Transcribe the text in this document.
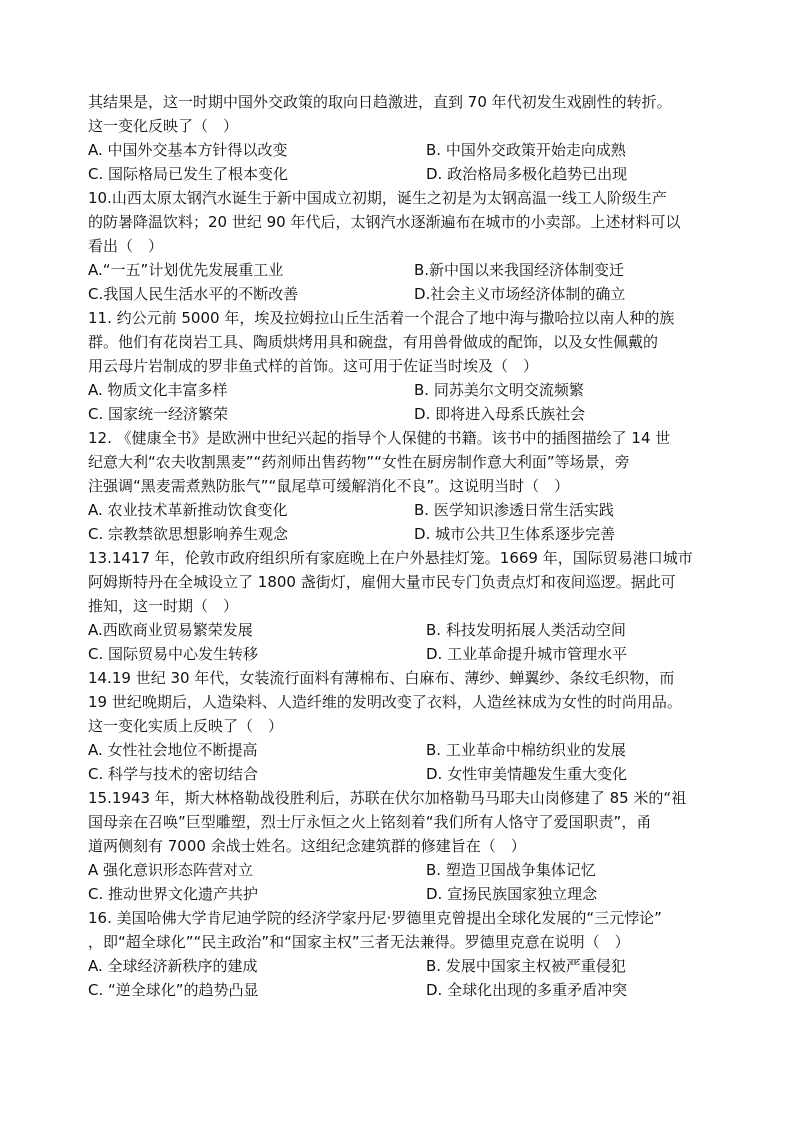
其结果是，这一时期中国外交政策的取向日趋激进，直到 70 年代初发生戏剧性的转折。
这一变化反映了（　）
A. 中国外交基本方针得以改变	B. 中国外交政策开始走向成熟
C. 国际格局已发生了根本变化	D. 政治格局多极化趋势已出现
10.山西太原太钢汽水诞生于新中国成立初期，诞生之初是为太钢高温一线工人阶级生产
的防暑降温饮料；20 世纪 90 年代后，太钢汽水逐渐遍布在城市的小卖部。上述材料可以
看出（　）
A.“一五”计划优先发展重工业	B.新中国以来我国经济体制变迁
C.我国人民生活水平的不断改善	D.社会主义市场经济体制的确立
11. 约公元前 5000 年，埃及拉姆拉山丘生活着一个混合了地中海与撒哈拉以南人种的族
群。他们有花岗岩工具、陶质烘烤用具和碗盘，有用兽骨做成的配饰，以及女性佩戴的
用云母片岩制成的罗非鱼式样的首饰。这可用于佐证当时埃及（　）
A. 物质文化丰富多样	B. 同苏美尔文明交流频繁
C. 国家统一经济繁荣	D. 即将进入母系氏族社会
12. 《健康全书》是欧洲中世纪兴起的指导个人保健的书籍。该书中的插图描绘了 14 世
纪意大利“农夫收割黑麦”“药剂师出售药物”“女性在厨房制作意大利面”等场景，旁
注强调“黑麦需煮熟防胀气”“鼠尾草可缓解消化不良”。这说明当时（　）
A. 农业技术革新推动饮食变化	B. 医学知识渗透日常生活实践
C. 宗教禁欲思想影响养生观念	D. 城市公共卫生体系逐步完善
13.1417 年，伦敦市政府组织所有家庭晚上在户外悬挂灯笼。1669 年，国际贸易港口城市
阿姆斯特丹在全城设立了 1800 盏街灯，雇佣大量市民专门负责点灯和夜间巡逻。据此可
推知，这一时期（　）
A.西欧商业贸易繁荣发展	B. 科技发明拓展人类活动空间
C. 国际贸易中心发生转移	D. 工业革命提升城市管理水平
14.19 世纪 30 年代，女装流行面料有薄棉布、白麻布、薄纱、蝉翼纱、条纹毛织物，而
19 世纪晚期后，人造染料、人造纤维的发明改变了衣料，人造丝袜成为女性的时尚用品。
这一变化实质上反映了（　）
A. 女性社会地位不断提高	B. 工业革命中棉纺织业的发展
C. 科学与技术的密切结合	D. 女性审美情趣发生重大变化
15.1943 年，斯大林格勒战役胜利后，苏联在伏尔加格勒马马耶夫山岗修建了 85 米的“祖
国母亲在召唤”巨型雕塑，烈士厅永恒之火上铭刻着“我们所有人恪守了爱国职责”，甬
道两侧刻有 7000 余战士姓名。这组纪念建筑群的修建旨在（　）
A 强化意识形态阵营对立	B. 塑造卫国战争集体记忆
C. 推动世界文化遗产共护	D. 宣扬民族国家独立理念
16. 美国哈佛大学肯尼迪学院的经济学家丹尼·罗德里克曾提出全球化发展的“三元悖论”
，即“超全球化”“民主政治”和“国家主权”三者无法兼得。罗德里克意在说明（　）
A. 全球经济新秩序的建成	B. 发展中国家主权被严重侵犯
C. “逆全球化”的趋势凸显	D. 全球化出现的多重矛盾冲突
